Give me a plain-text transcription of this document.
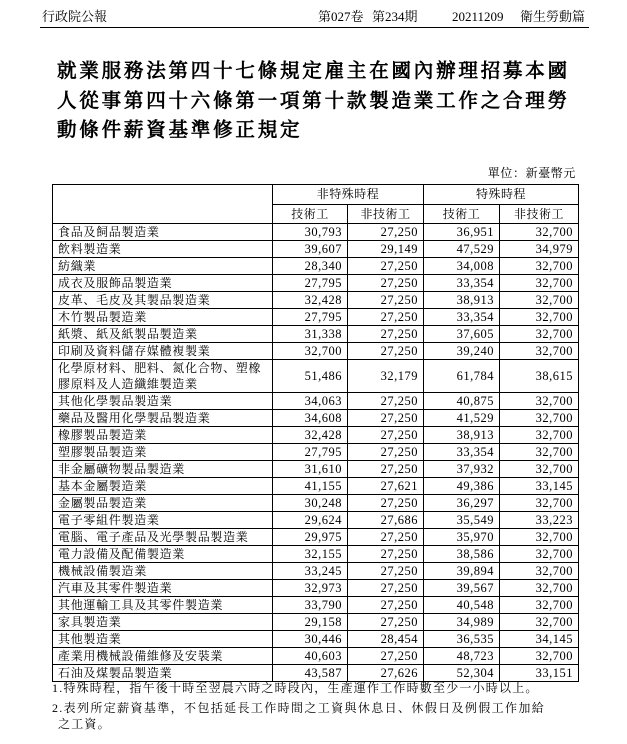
行政院公報	第027卷 第234期	20211209 衛生勞動篇
就業服務法第四十七條規定雇主在國內辦理招募本國人從事第四十六條第一項第十款製造業工作之合理勞動條件薪資基準修正規定
單位：新臺幣元
	非特殊時程		特殊時程	
	技術工	非技術工	技術工	非技術工
食品及飼品製造業	30,793	27,250	36,951	32,700
飲料製造業	39,607	29,149	47,529	34,979
紡織業	28,340	27,250	34,008	32,700
成衣及服飾品製造業	27,795	27,250	33,354	32,700
皮革、毛皮及其製品製造業	32,428	27,250	38,913	32,700
木竹製品製造業	27,795	27,250	33,354	32,700
紙漿、紙及紙製品製造業	31,338	27,250	37,605	32,700
印刷及資料儲存媒體複製業	32,700	27,250	39,240	32,700
化學原材料、肥料、氮化合物、塑橡膠原料及人造纖維製造業	51,486	32,179	61,784	38,615
其他化學製品製造業	34,063	27,250	40,875	32,700
藥品及醫用化學製品製造業	34,608	27,250	41,529	32,700
橡膠製品製造業	32,428	27,250	38,913	32,700
塑膠製品製造業	27,795	27,250	33,354	32,700
非金屬礦物製品製造業	31,610	27,250	37,932	32,700
基本金屬製造業	41,155	27,621	49,386	33,145
金屬製品製造業	30,248	27,250	36,297	32,700
電子零組件製造業	29,624	27,686	35,549	33,223
電腦、電子產品及光學製品製造業	29,975	27,250	35,970	32,700
電力設備及配備製造業	32,155	27,250	38,586	32,700
機械設備製造業	33,245	27,250	39,894	32,700
汽車及其零件製造業	32,973	27,250	39,567	32,700
其他運輸工具及其零件製造業	33,790	27,250	40,548	32,700
家具製造業	29,158	27,250	34,989	32,700
其他製造業	30,446	28,454	36,535	34,145
產業用機械設備維修及安裝業	40,603	27,250	48,723	32,700
石油及煤製品製造業	43,587	27,626	52,304	33,151

1.特殊時程，指午後十時至翌晨六時之時段內，生產運作工作時數至少一小時以上。

2.表列所定薪資基準，不包括延長工作時間之工資與休息日、休假日及例假工作加給之工資。
